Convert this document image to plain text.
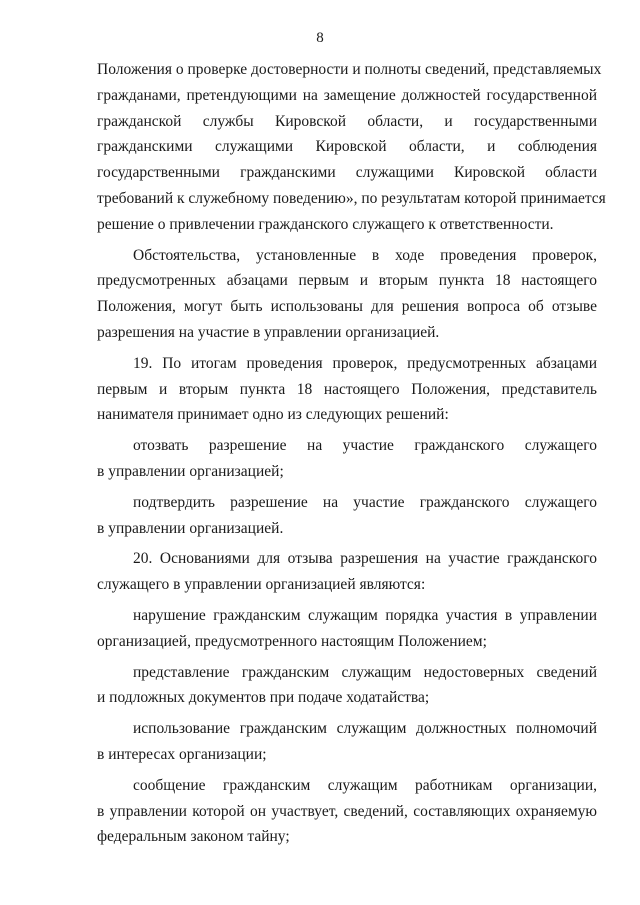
8
Положения о проверке достоверности и полноты сведений, представляемых
гражданами, претендующими на замещение должностей государственной
гражданской службы Кировской области, и государственными
гражданскими служащими Кировской области, и соблюдения
государственными гражданскими служащими Кировской области
требований к служебному поведению», по результатам которой принимается
решение о привлечении гражданского служащего к ответственности.
Обстоятельства, установленные в ходе проведения проверок,
предусмотренных абзацами первым и вторым пункта 18 настоящего
Положения, могут быть использованы для решения вопроса об отзыве
разрешения на участие в управлении организацией.
19. По итогам проведения проверок, предусмотренных абзацами
первым и вторым пункта 18 настоящего Положения, представитель
нанимателя принимает одно из следующих решений:
отозвать разрешение на участие гражданского служащего
в управлении организацией;
подтвердить разрешение на участие гражданского служащего
в управлении организацией.
20. Основаниями для отзыва разрешения на участие гражданского
служащего в управлении организацией являются:
нарушение гражданским служащим порядка участия в управлении
организацией, предусмотренного настоящим Положением;
представление гражданским служащим недостоверных сведений
и подложных документов при подаче ходатайства;
использование гражданским служащим должностных полномочий
в интересах организации;
сообщение гражданским служащим работникам организации,
в управлении которой он участвует, сведений, составляющих охраняемую
федеральным законом тайну;
